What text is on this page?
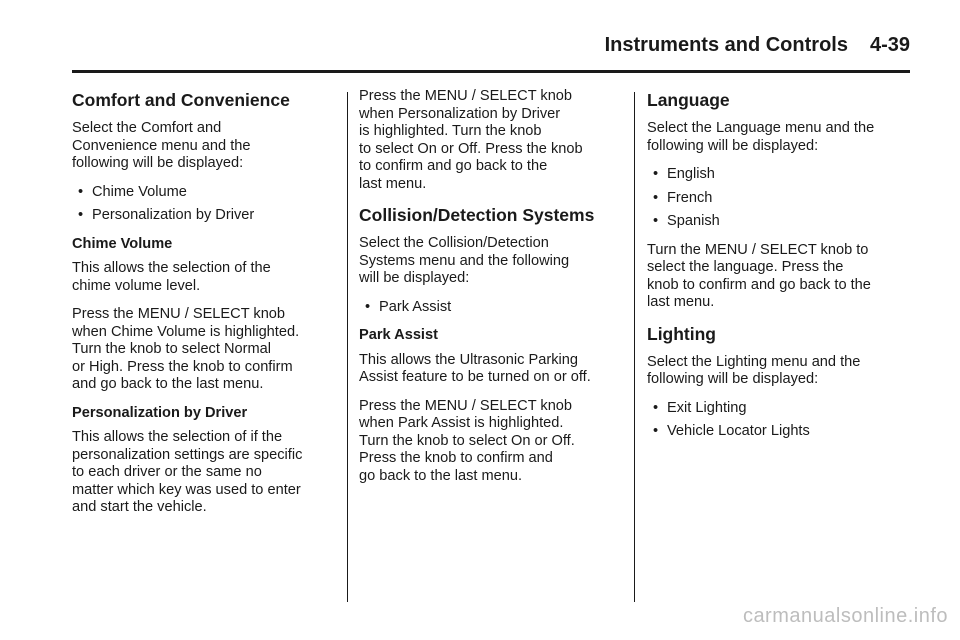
Instruments and Controls 4-39
Comfort and Convenience

Select the Comfort and
Convenience menu and the
following will be displayed:

• Chime Volume
• Personalization by Driver
Chime Volume

This allows the selection of the
chime volume level.

Press the MENU / SELECT knob
when Chime Volume is highlighted.
Turn the knob to select Normal
or High. Press the knob to confirm
and go back to the last menu.

Personalization by Driver

This allows the selection of if the
personalization settings are specific
to each driver or the same no
matter which key was used to enter
and start the vehicle.

Press the MENU / SELECT knob
when Personalization by Driver
is highlighted. Turn the knob
to select On or Off. Press the knob
to confirm and go back to the
last menu.

Collision/Detection Systems

Select the Collision/Detection
Systems menu and the following
will be displayed:

• Park Assist
Park Assist

This allows the Ultrasonic Parking
Assist feature to be turned on or off.

Press the MENU / SELECT knob
when Park Assist is highlighted.
Turn the knob to select On or Off.
Press the knob to confirm and
go back to the last menu.

Language

Select the Language menu and the
following will be displayed:

• English
• French
• Spanish

Turn the MENU / SELECT knob to
select the language. Press the
knob to confirm and go back to the
last menu.

Lighting

Select the Lighting menu and the
following will be displayed:

• Exit Lighting
• Vehicle Locator Lights
carmanualsonline.info
